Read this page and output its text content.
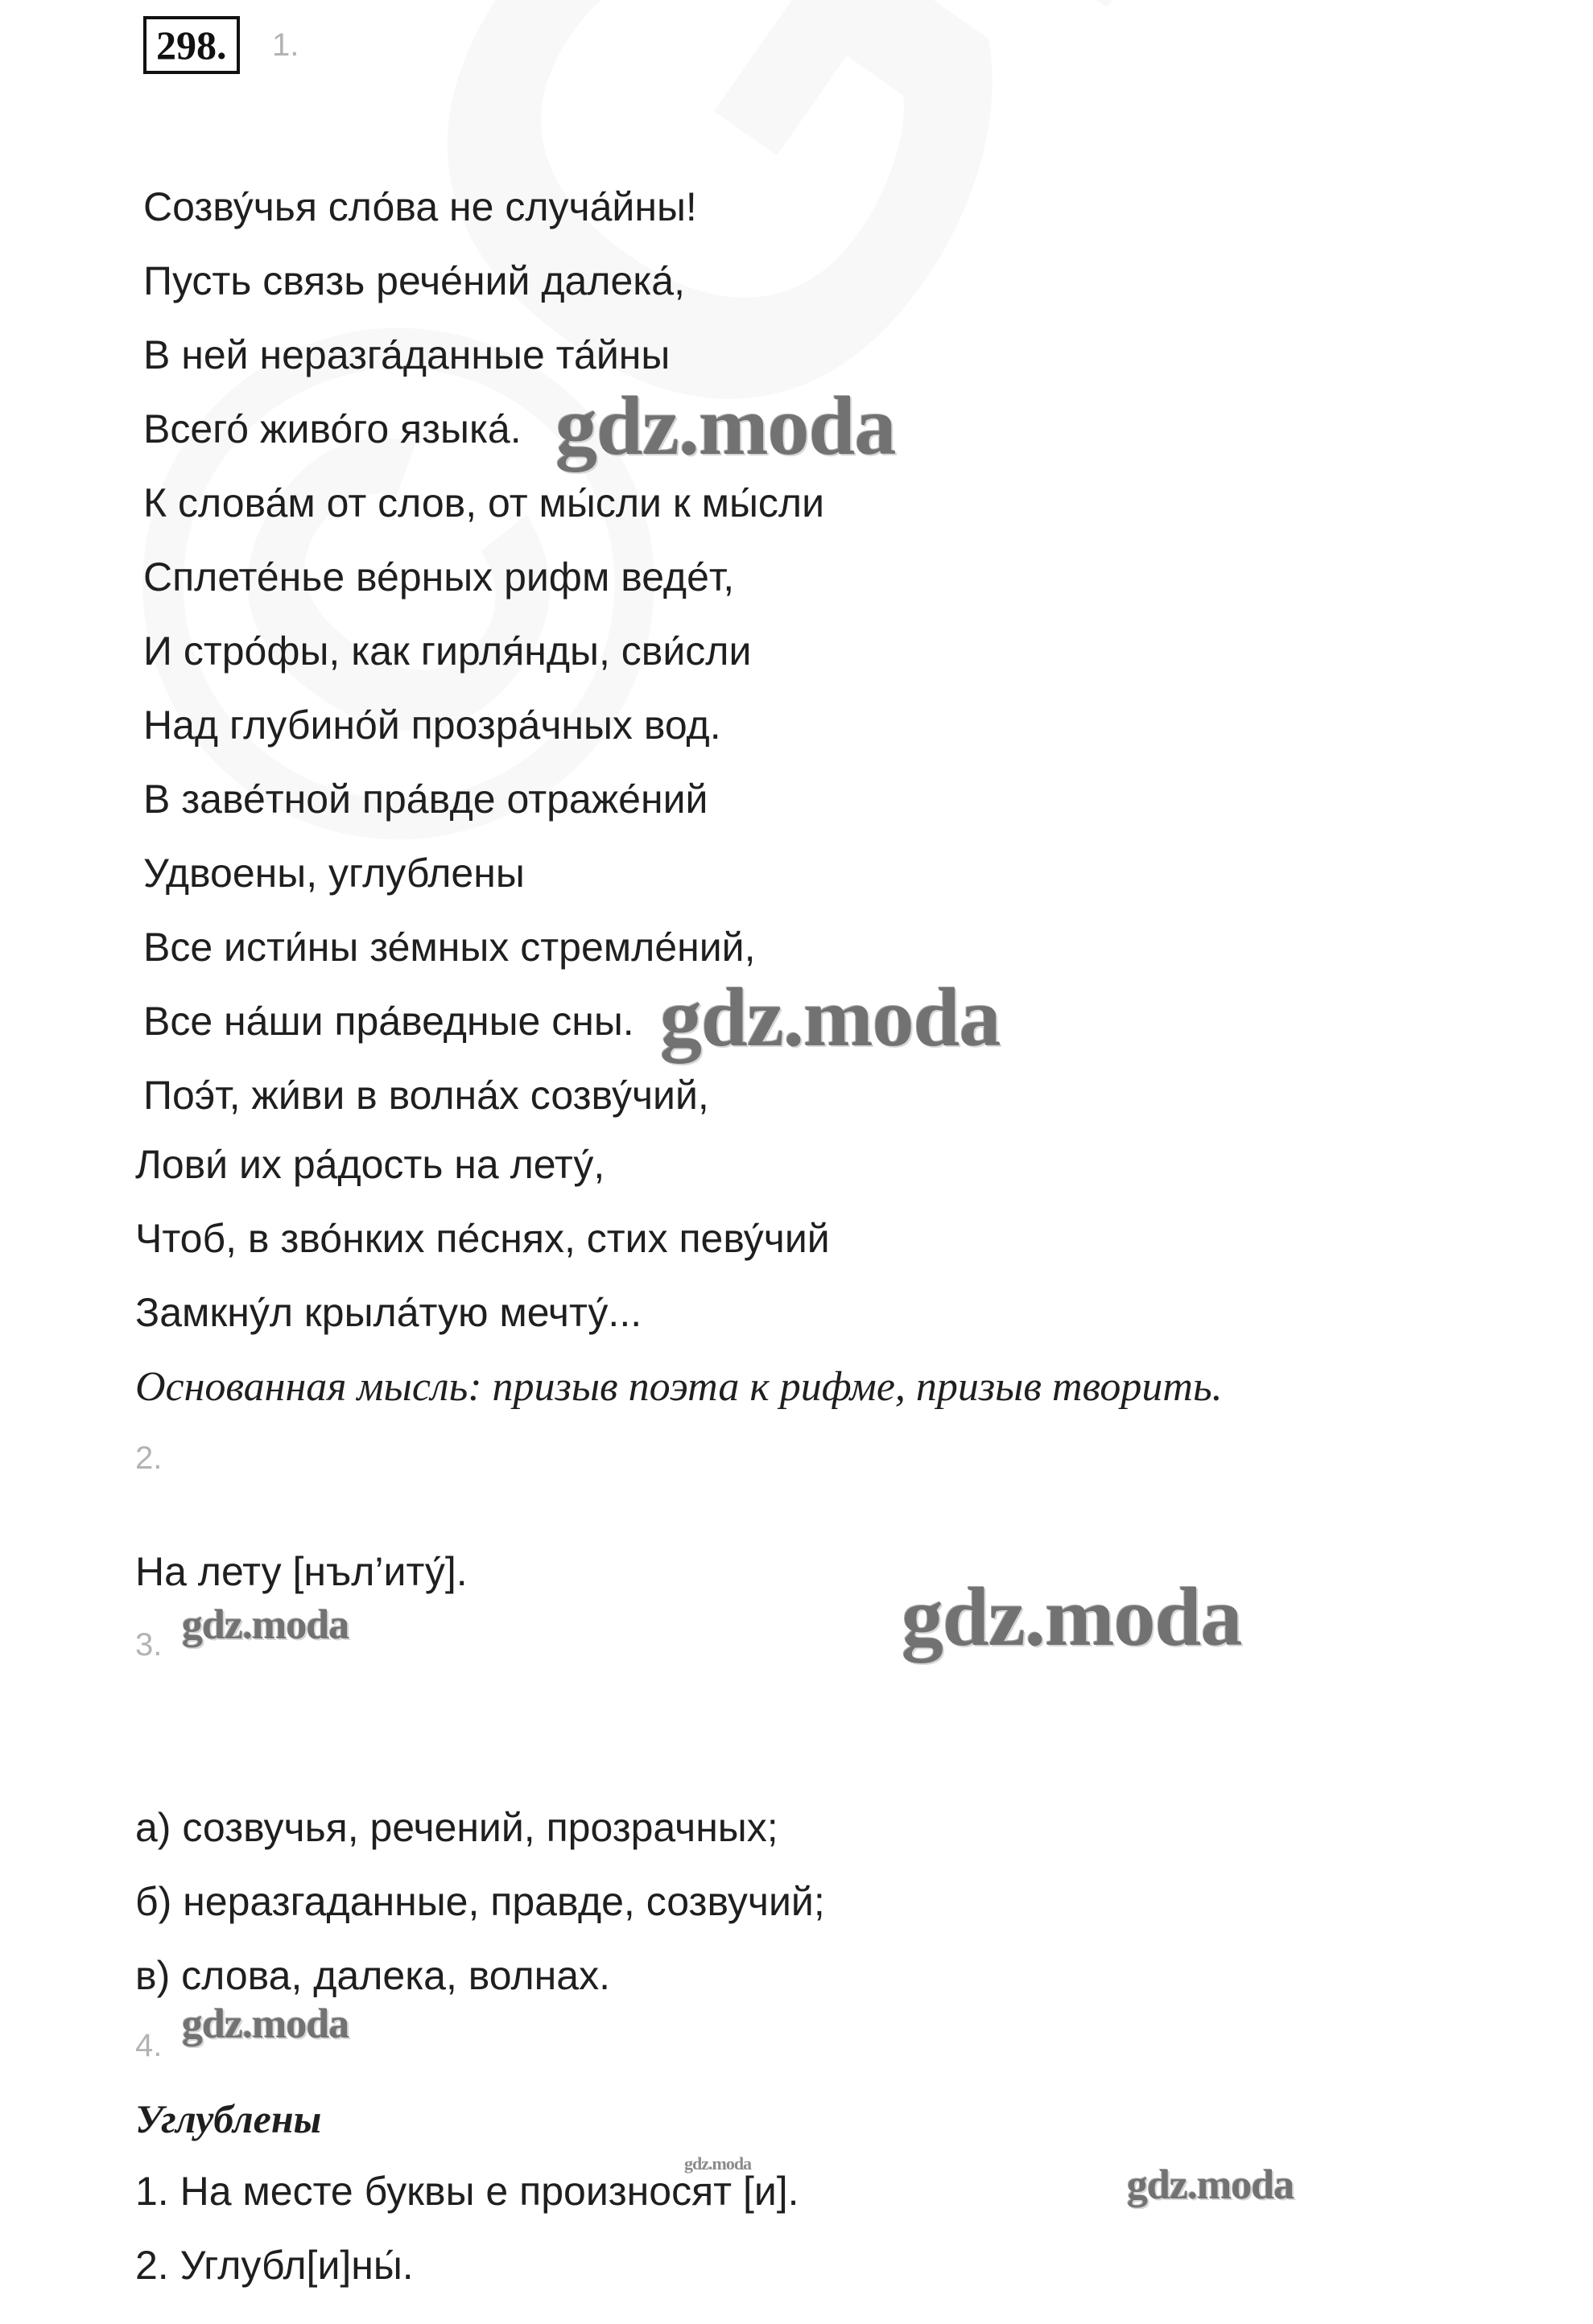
298.	1.
Созву́чья сло́ва не случа́йны!
Пусть связь рече́ний далека́,
В ней неразга́данные та́йны
Всего́ живо́го языка́.
К слова́м от слов, от мы́сли к мы́сли
Сплете́нье ве́рных рифм веде́т,
И стро́фы, как гирля́нды, сви́сли
Над глубино́й прозра́чных вод.
В заве́тной пра́вде отраже́ний
Удвоены, углублены
Все исти́ны зе́мных стремле́ний,
Все на́ши пра́ведные сны.
Поэ́т, жи́ви в волна́х созву́чий,
Лови́ их ра́дость на лету́,
Чтоб, в зво́нких пе́снях, стих певу́чий
Замкну́л крыла́тую мечту́...
Основанная мысль: призыв поэта к рифме, призыв творить.
2.
На лету [нъл’иту́].
3.
а) созвучья, речений, прозрачных;
б) неразгаданные, правде, созвучий;
в) слова, далека, волнах.
4.
Углублены
1. На месте буквы е произносят [и].
2. Углубл[и]ны́.
gdz.moda
gdz.moda
gdz.moda
gdz.moda
gdz.moda
gdz.moda
gdz.moda
